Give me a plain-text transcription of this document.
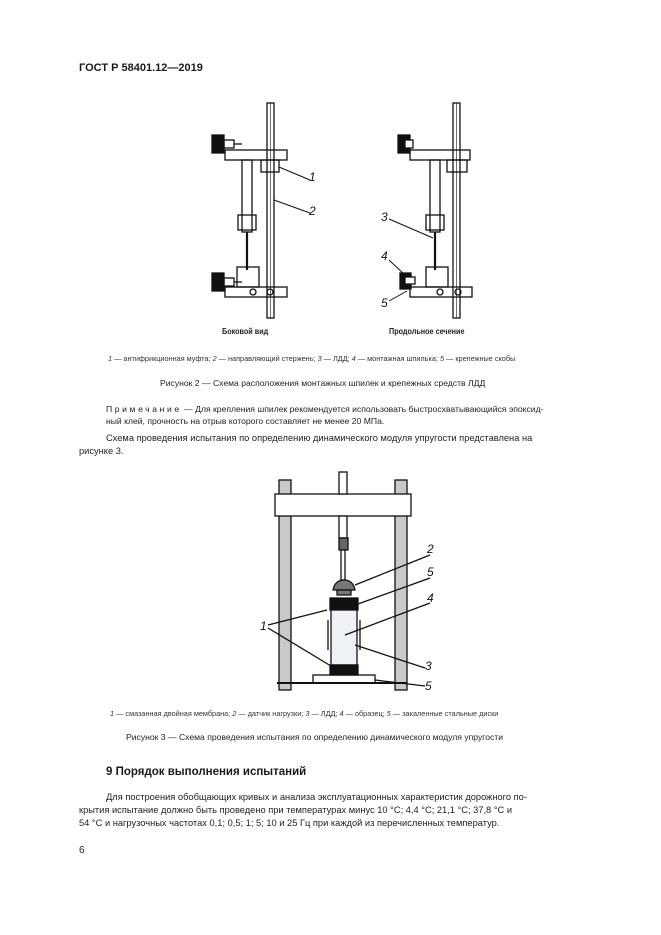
ГОСТ Р 58401.12—2019
1
2	3
4
5
Боковой вид	Продольное сечение
1 — антифрикционная муфта; 2 — направляющий стержень; 3 — ЛДД; 4 — монтажная шпилька; 5 — крепежные скобы
Рисунок 2 — Схема расположения монтажных шпилек и крепежных средств ЛДД
Примечание — Для крепления шпилек рекомендуется использовать быстросхватывающийся эпоксид-
ный клей, прочность на отрыв которого составляет не менее 20 МПа.
Схема проведения испытания по определению динамического модуля упругости представлена на
рисунке 3.
2
5
4
1
3
5
1 — смазанная двойная мембрана; 2 — датчик нагрузки; 3 — ЛДД; 4 — образец; 5 — закаленные стальные диски
Рисунок 3 — Схема проведения испытания по определению динамического модуля упругости
9 Порядок выполнения испытаний
Для построения обобщающих кривых и анализа эксплуатационных характеристик дорожного по-
крытия испытание должно быть проведено при температурах минус 10 °С; 4,4 °С; 21,1 °С; 37,8 °С и
54 °С и нагрузочных частотах 0,1; 0,5; 1; 5; 10 и 25 Гц при каждой из перечисленных температур.
6
